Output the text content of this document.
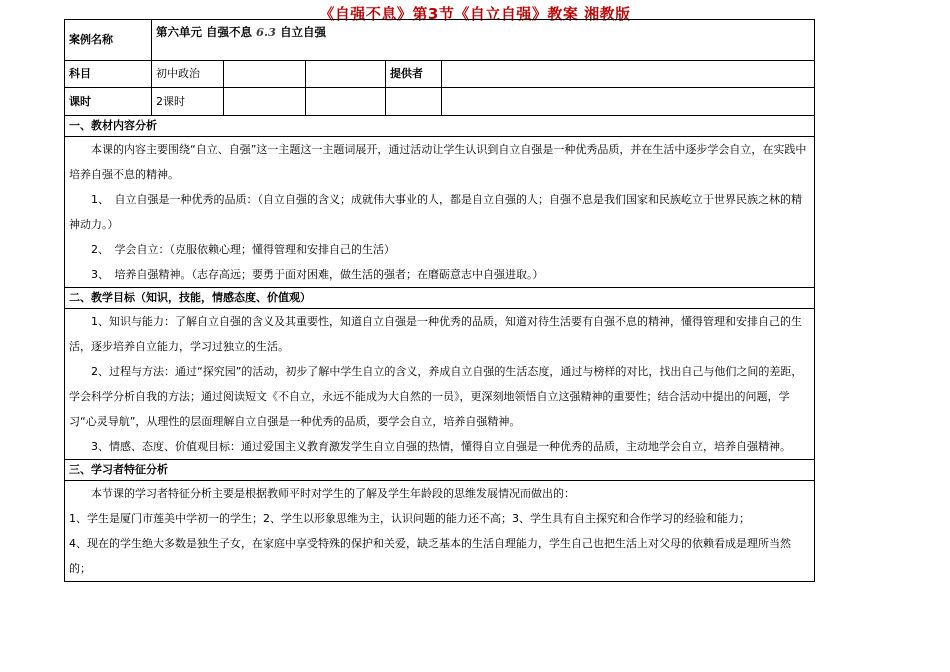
《自强不息》第3节《自立自强》教案 湘教版
案例名称	第六单元 自强不息 6.3 自立自强				
科目	初中政治			提供者	
课时	2课时				
一、教材内容分析					

本课的内容主要围绕“自立、自强”这一主题这一主题词展开，通过活动让学生认识到自立自强是一种优秀品质，并在生活中逐步学会自立，在实践中培养自强不息的精神。

1、　自立自强是一种优秀的品质：（自立自强的含义；成就伟大事业的人，都是自立自强的人；自强不息是我们国家和民族屹立于世界民族之林的精神动力。）

2、　学会自立：（克服依赖心理；懂得管理和安排自己的生活）

3、　培养自强精神。（志存高远；要勇于面对困难，做生活的强者；在磨砺意志中自强进取。）					

二、教学目标（知识，技能，情感态度、价值观）					

1、知识与能力：了解自立自强的含义及其重要性，知道自立自强是一种优秀的品质，知道对待生活要有自强不息的精神，懂得管理和安排自己的生活，逐步培养自立能力，学习过独立的生活。

2、过程与方法：通过“探究园”的活动，初步了解中学生自立的含义，养成自立自强的生活态度，通过与榜样的对比，找出自己与他们之间的差距，学会科学分析自我的方法；通过阅读短文《不自立，永远不能成为大自然的一员》，更深刻地领悟自立这强精神的重要性；结合活动中提出的问题，学习“心灵导航”，从理性的层面理解自立自强是一种优秀的品质，要学会自立，培养自强精神。

3、情感、态度、价值观目标：通过爱国主义教育激发学生自立自强的热情，懂得自立自强是一种优秀的品质，主动地学会自立，培养自强精神。					

三、学习者特征分析					

本节课的学习者特征分析主要是根据教师平时对学生的了解及学生年龄段的思维发展情况而做出的：

1、学生是厦门市莲美中学初一的学生；2、学生以形象思维为主，认识问题的能力还不高；3、学生具有自主探究和合作学习的经验和能力；

4、现在的学生绝大多数是独生子女，在家庭中享受特殊的保护和关爱，缺乏基本的生活自理能力，学生自己也把生活上对父母的依赖看成是理所当然的；					
